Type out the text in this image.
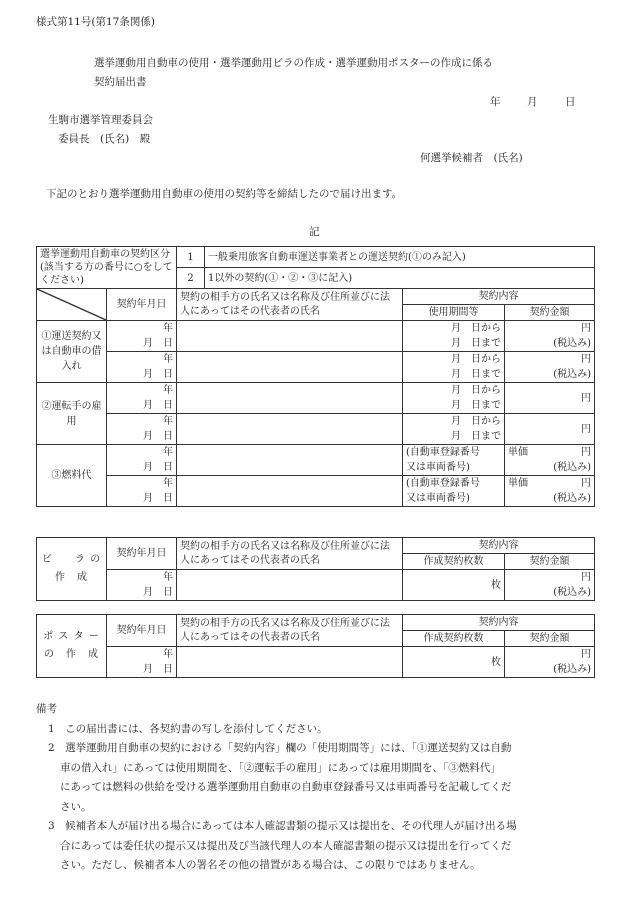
様式第11号(第17条関係)
選挙運動用自動車の使用・選挙運動用ビラの作成・選挙運動用ポスターの作成に係る
契約届出書
年	月	日
生駒市選挙管理委員会
委員長　(氏名)　殿
何選挙候補者　(氏名)
下記のとおり選挙運動用自動車の使用の契約等を締結したので届け出ます。
記
選挙運動用自動車の契約区分(該当する方の番号に○をしてください)		1	一般乗用旅客自動車運送事業者との運送契約(①のみ記入)		
		2	1以外の契約(①・②・③に記入)		

	契約年月日	契約の相手方の氏名又は名称及び住所並びに法人にあってはその代表者の氏名		契約内容	
				使用期間等	契約金額
①運送契約又は自動車の借入れ	年			月　日から	円
	月　日			月　日まで	(税込み)
	年			月　日から	円
	月　日			月　日まで	(税込み)
②運転手の雇用	年			月　日から	円
	月　日			月　日まで	
	年			月　日から	円
	月　日			月　日まで	
③燃料代	年			(自動車登録番号	単価 円

	月　日			又は車両番号)	(税込み)
	年			(自動車登録番号	単価 円

	月　日			又は車両番号)	(税込み)
ビ　　ラ の　作　成	契約年月日	契約の相手方の氏名又は名称及び住所並びに法人にあってはその代表者の氏名	契約内容	
			作成契約枚数	契約金額
	年		枚	円
	月　日			(税込み)
ポ ス タ ー の　作　成	契約年月日	契約の相手方の氏名又は名称及び住所並びに法人にあってはその代表者の氏名	契約内容	
			作成契約枚数	契約金額
	年		枚	円
	月　日			(税込み)

備考

1　この届出書には、各契約書の写しを添付してください。

2　選挙運動用自動車の契約における「契約内容」欄の「使用期間等」には、「①運送契約又は自動

車の借入れ」にあっては使用期間を、「②運転手の雇用」にあっては雇用期間を、「③燃料代」

にあっては燃料の供給を受ける選挙運動用自動車の自動車登録番号又は車両番号を記載してくだ

さい。

3　候補者本人が届け出る場合にあっては本人確認書類の提示又は提出を、その代理人が届け出る場

合にあっては委任状の提示又は提出及び当該代理人の本人確認書類の提示又は提出を行ってくだ

さい。ただし、候補者本人の署名その他の措置がある場合は、この限りではありません。
